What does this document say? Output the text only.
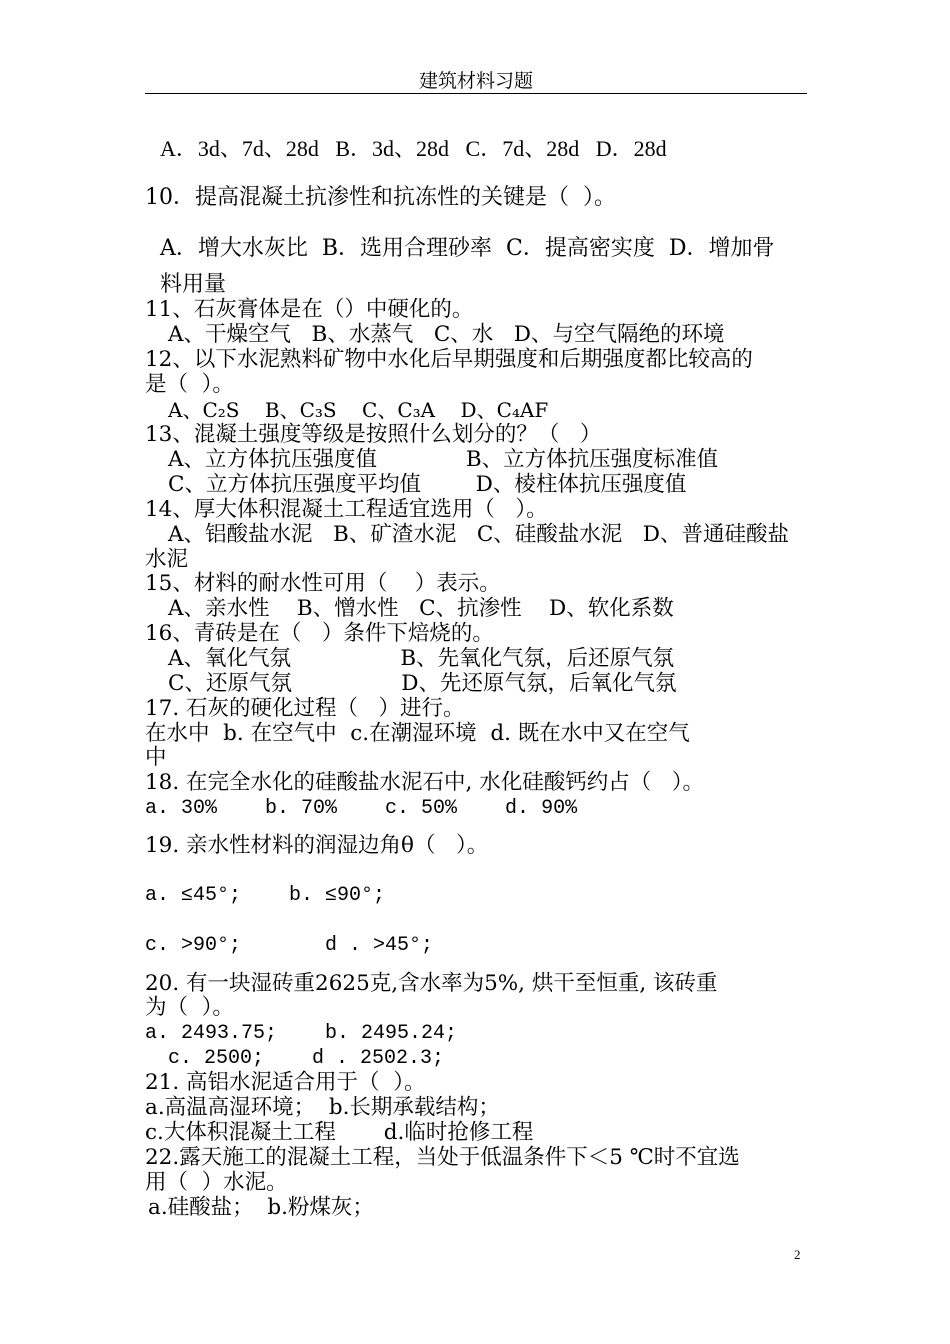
建筑材料习题
A．3d、7d、28d   B．3d、28d   C．7d、28d   D．28d
10．提高混凝土抗渗性和抗冻性的关键是（  ）。
A．增大水灰比  B．选用合理砂率  C．提高密实度  D．增加骨
料用量
11、石灰膏体是在（）中硬化的。
A、干燥空气   B、水蒸气   C、水   D、与空气隔绝的环境
12、以下水泥熟料矿物中水化后早期强度和后期强度都比较高的
是（  ）。
A、C₂S    B、C₃S    C、C₃A    D、C₄AF
13、混凝土强度等级是按照什么划分的？（   ）
A、立方体抗压强度值             B、立方体抗压强度标准值
C、立方体抗压强度平均值        D、棱柱体抗压强度值
14、厚大体积混凝土工程适宜选用（   ）。
A、铝酸盐水泥   B、矿渣水泥   C、硅酸盐水泥   D、普通硅酸盐
水泥
15、材料的耐水性可用（    ）表示。
A、亲水性    B、憎水性   C、抗渗性    D、软化系数
16、青砖是在（   ）条件下焙烧的。
A、氧化气氛                B、先氧化气氛，后还原气氛
C、还原气氛                D、先还原气氛，后氧化气氛
17. 石灰的硬化过程（   ）进行。
在水中  b. 在空气中  c.在潮湿环境  d. 既在水中又在空气
中
18. 在完全水化的硅酸盐水泥石中, 水化硅酸钙约占（   ）。
a. 30%    b. 70%    c. 50%    d. 90%
19. 亲水性材料的润湿边角θ（   ）。
a. ≤45°;    b. ≤90°;
c. >90°;       d . >45°;
20. 有一块湿砖重2625克,含水率为5%, 烘干至恒重, 该砖重
为（  ）。
a. 2493.75;    b. 2495.24;
c. 2500;    d . 2502.3;
21. 高铝水泥适合用于（  ）。
a.高温高湿环境；  b.长期承载结构；
c.大体积混凝土工程       d.临时抢修工程
22.露天施工的混凝土工程，当处于低温条件下＜5 ℃时不宜选
用（  ）水泥。
a.硅酸盐；  b.粉煤灰；
2
